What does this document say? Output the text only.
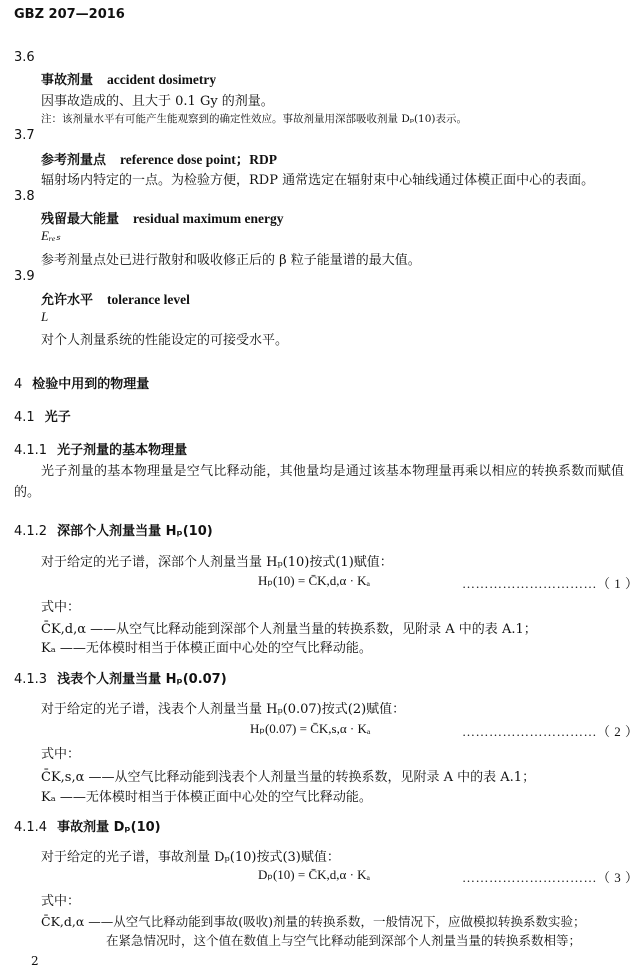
GBZ 207—2016
3.6
事故剂量 accident dosimetry
因事故造成的、且大于 0.1 Gy 的剂量。
注：该剂量水平有可能产生能观察到的确定性效应。事故剂量用深部吸收剂量 Dₚ(10)表示。
3.7
参考剂量点 reference dose point；RDP
辐射场内特定的一点。为检验方便，RDP 通常选定在辐射束中心轴线通过体模正面中心的表面。
3.8
残留最大能量 residual maximum energy
Eᵣₑₛ
参考剂量点处已进行散射和吸收修正后的 β 粒子能量谱的最大值。
3.9
允许水平 tolerance level
L
对个人剂量系统的性能设定的可接受水平。
4 检验中用到的物理量
4.1 光子
4.1.1 光子剂量的基本物理量
光子剂量的基本物理量是空气比释动能，其他量均是通过该基本物理量再乘以相应的转换系数而赋值的。
4.1.2 深部个人剂量当量 Hₚ(10)
对于给定的光子谱，深部个人剂量当量 Hₚ(10)按式(1)赋值：
Hₚ(10) = C̄K,d,α · Kₐ	…………………………（ 1 ）
式中：
C̄K,d,α ——从空气比释动能到深部个人剂量当量的转换系数，见附录 A 中的表 A.1；
Kₐ ——无体模时相当于体模正面中心处的空气比释动能。
4.1.3 浅表个人剂量当量 Hₚ(0.07)
对于给定的光子谱，浅表个人剂量当量 Hₚ(0.07)按式(2)赋值：
Hₚ(0.07) = C̄K,s,α · Kₐ	…………………………（ 2 ）
式中：
C̄K,s,α ——从空气比释动能到浅表个人剂量当量的转换系数，见附录 A 中的表 A.1；
Kₐ ——无体模时相当于体模正面中心处的空气比释动能。
4.1.4 事故剂量 Dₚ(10)
对于给定的光子谱，事故剂量 Dₚ(10)按式(3)赋值：
Dₚ(10) = C̄K,d,α · Kₐ	…………………………（ 3 ）
式中：
C̄K,d,α ——从空气比释动能到事故(吸收)剂量的转换系数，一般情况下，应做模拟转换系数实验；
在紧急情况时，这个值在数值上与空气比释动能到深部个人剂量当量的转换系数相等；
2
